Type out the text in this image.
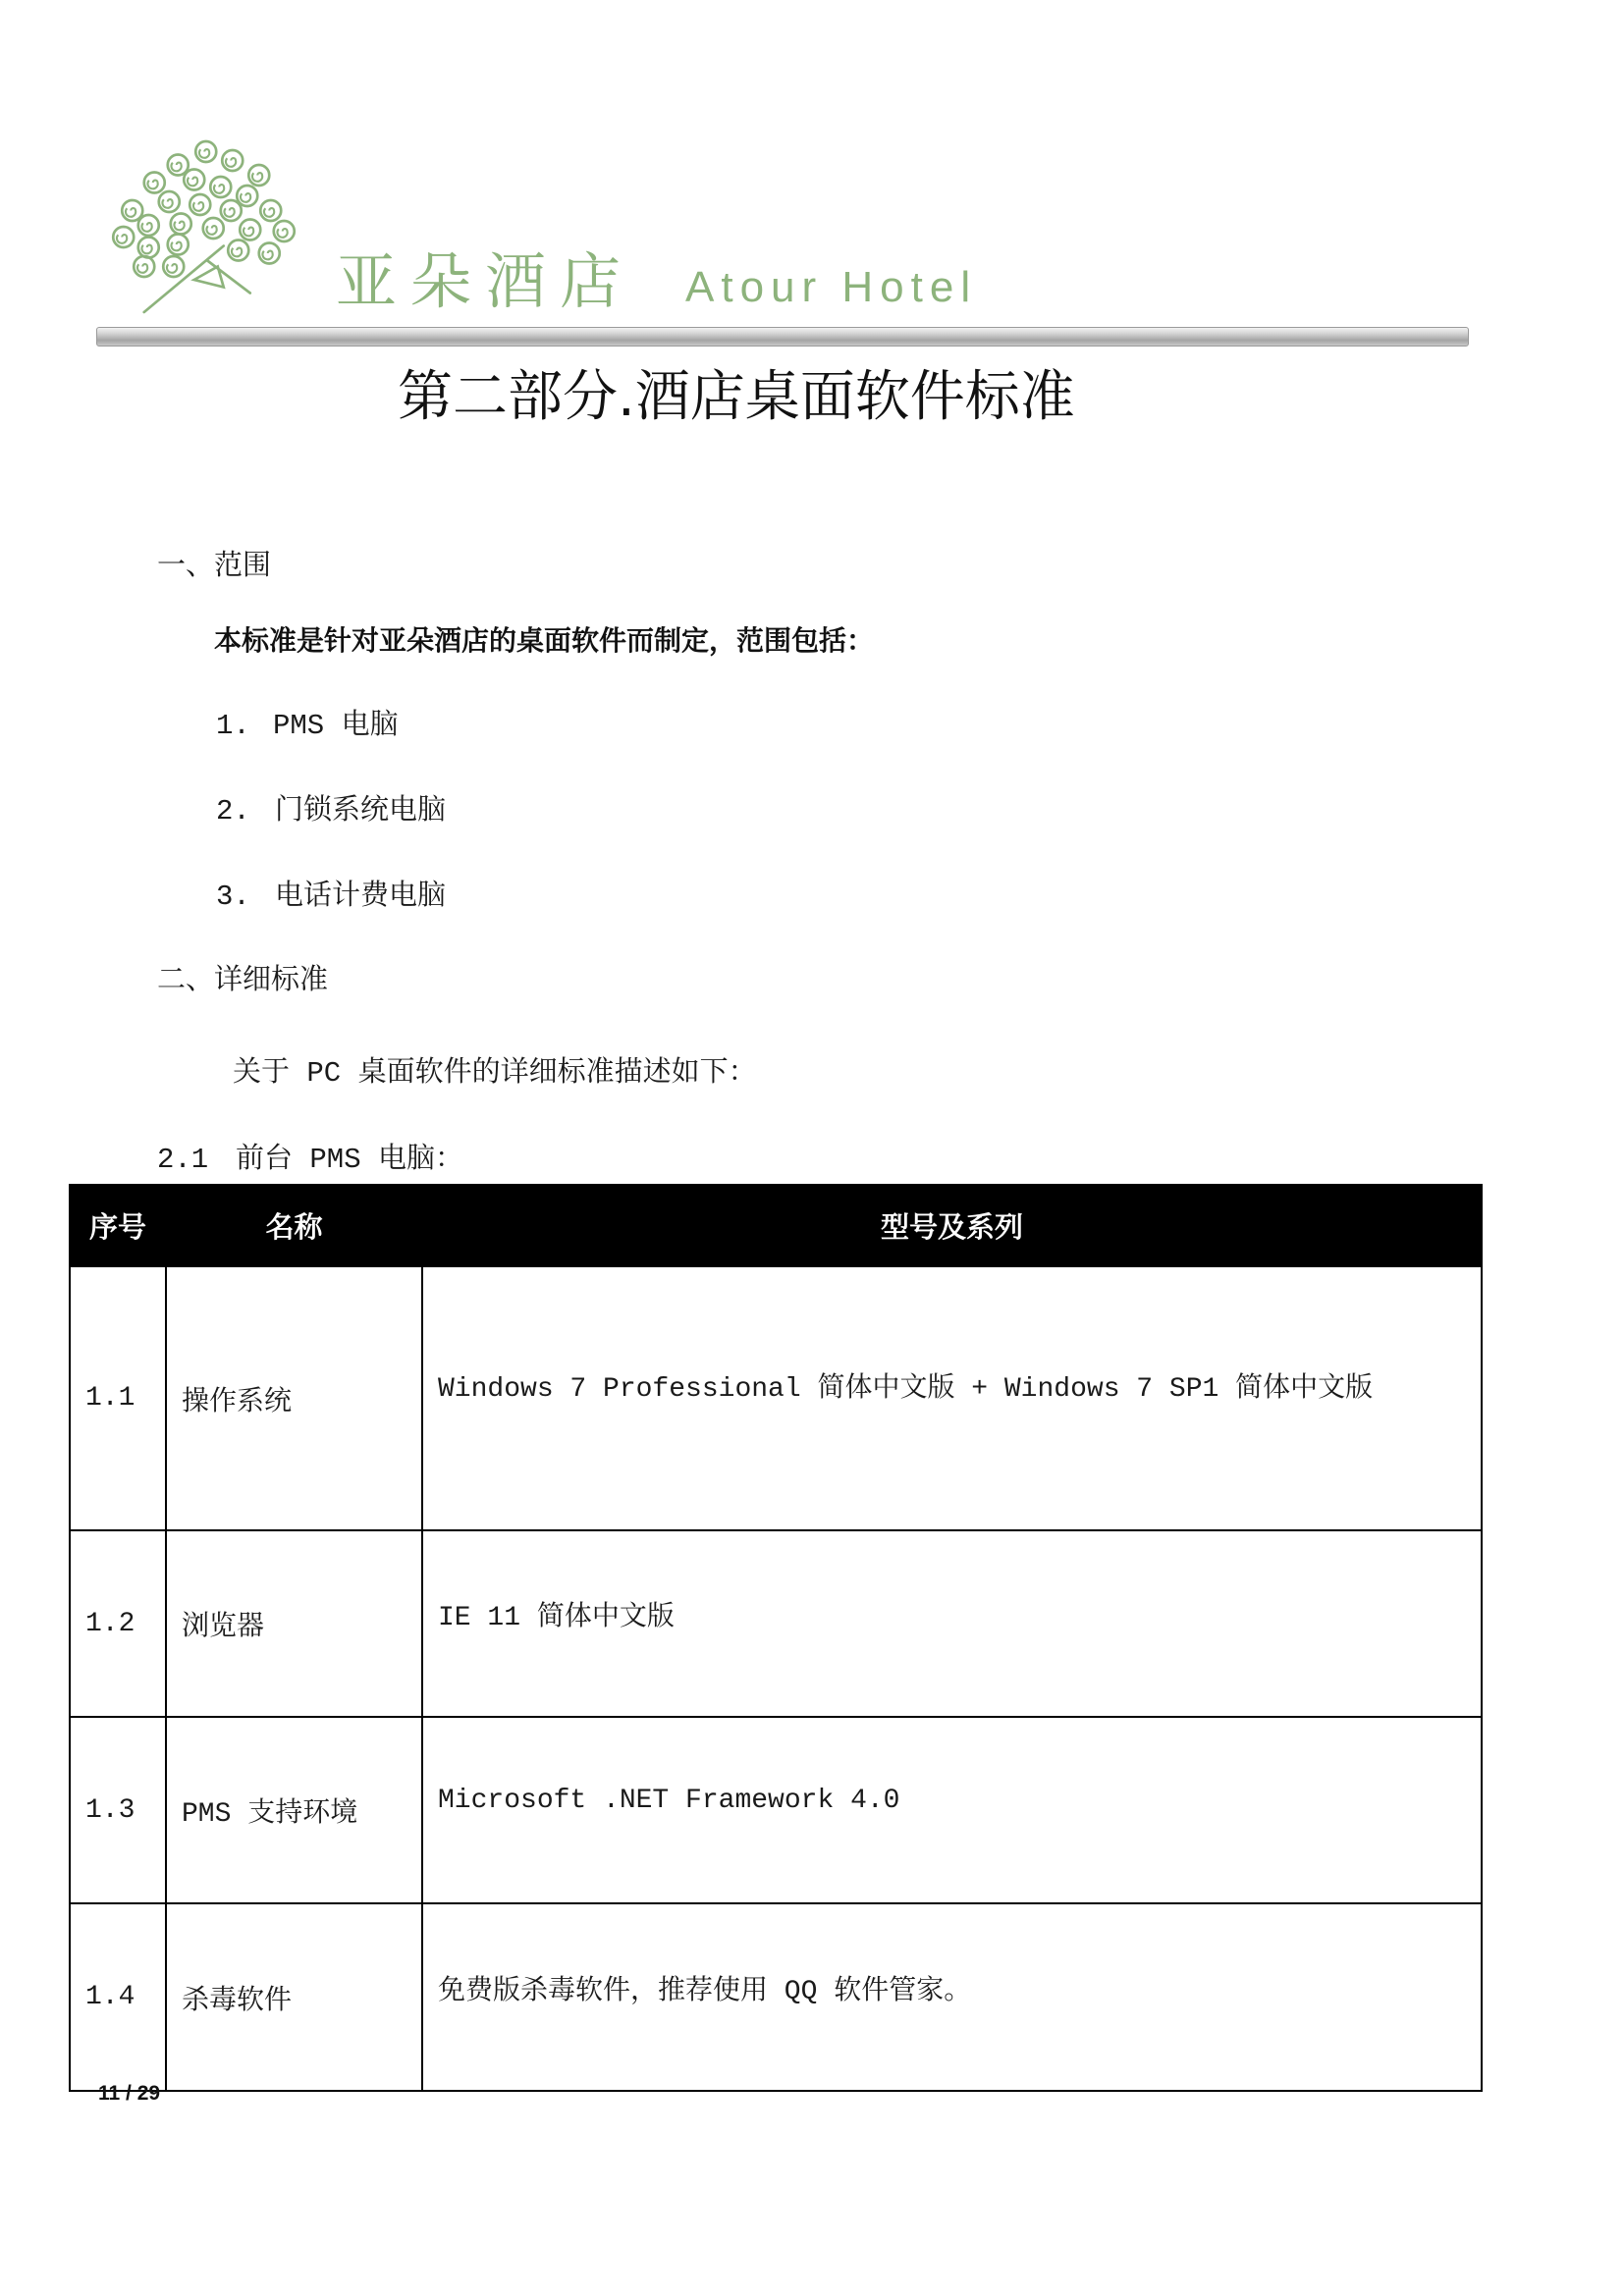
亚朵酒店 Atour Hotel
第二部分.酒店桌面软件标准
一、范围
本标准是针对亚朵酒店的桌面软件而制定，范围包括：
1. PMS 电脑
2. 门锁系统电脑
3. 电话计费电脑
二、详细标准
关于 PC 桌面软件的详细标准描述如下：
2.1 前台 PMS 电脑：
序号	名称	型号及系列
1.1	操作系统	Windows 7 Professional 简体中文版 + Windows 7 SP1 简体中文版
1.2	浏览器	IE 11 简体中文版
1.3	PMS 支持环境	Microsoft .NET Framework 4.0
1.4	杀毒软件	免费版杀毒软件，推荐使用 QQ 软件管家。
11 / 29
